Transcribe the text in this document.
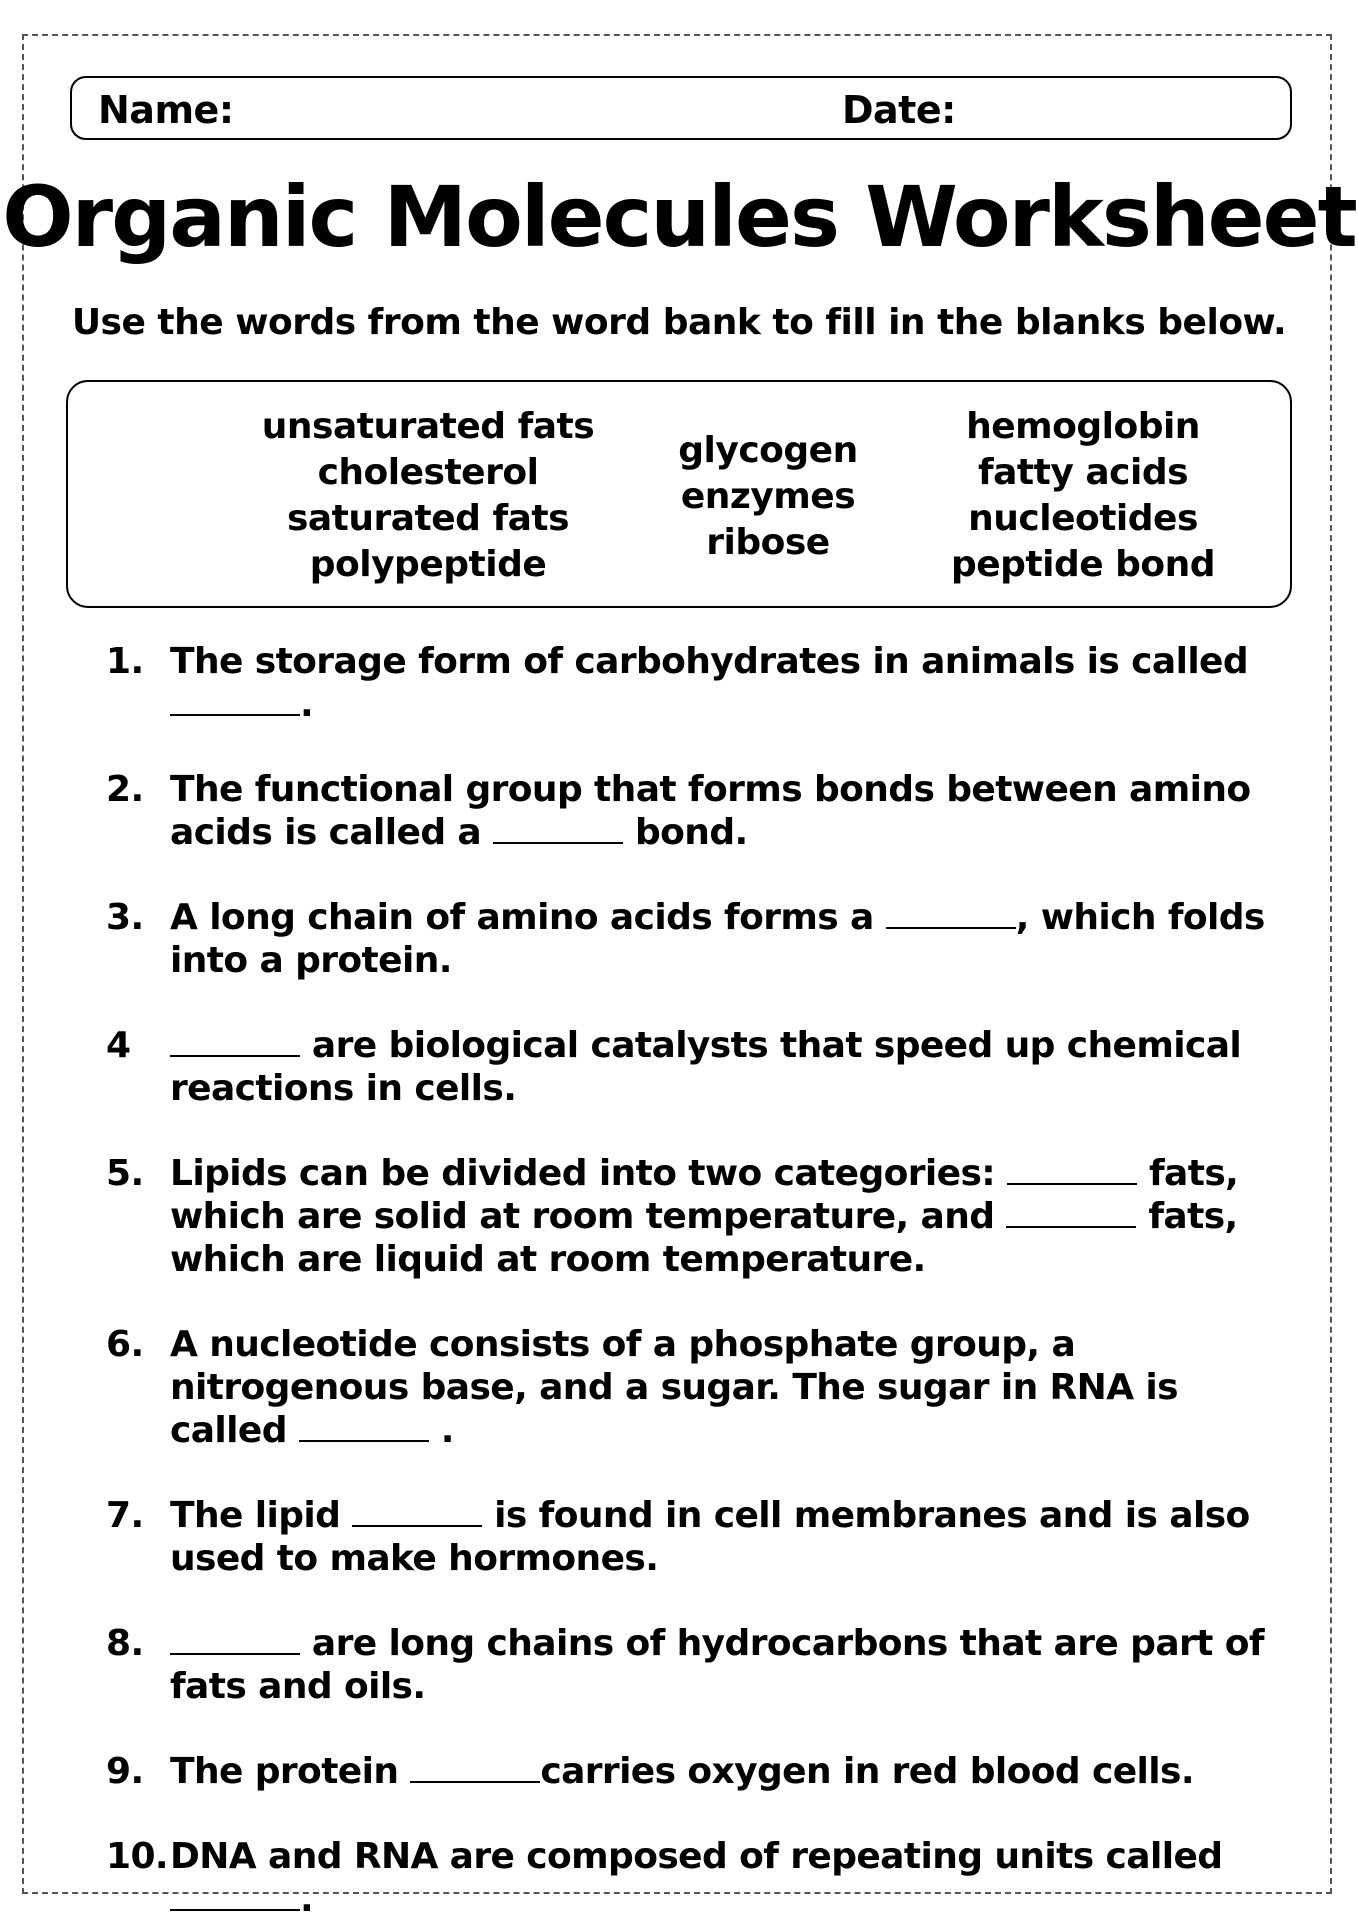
Name:	Date:
Organic Molecules Worksheet
Use the words from the word bank to fill in the blanks below.
unsaturated fats
cholesterol
saturated fats
polypeptide
glycogen
enzymes
ribose
hemoglobin
fatty acids
nucleotides
peptide bond
1. The storage form of carbohydrates in animals is called .
2. The functional group that forms bonds between amino acids is called a	bond.
3. A long chain of amino acids forms a	, which folds into a protein.
4	are biological catalysts that speed up chemical reactions in cells.
5. Lipids can be divided into two categories:	fats, which are solid at room temperature, and	fats, which are liquid at room temperature.
6. A nucleotide consists of a phosphate group, a nitrogenous base, and a sugar. The sugar in RNA is called	.
7. The lipid	is found in cell membranes and is also used to make hormones.
8.	are long chains of hydrocarbons that are part of fats and oils.
9. The protein	carries oxygen in red blood cells.
10. DNA and RNA are composed of repeating units called .
